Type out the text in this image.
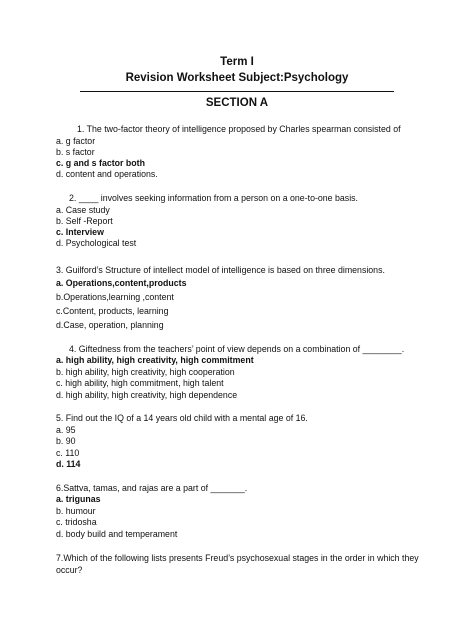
Term I
Revision Worksheet Subject:Psychology
SECTION A
1. The two-factor theory of intelligence proposed by Charles spearman consisted of
a. g factor
b. s factor
c. g and s factor both
d. content and operations.
2. ____ involves seeking information from a person on a one-to-one basis.
a. Case study
b. Self -Report
c. Interview
d. Psychological test
3. Guilford’s Structure of intellect model of intelligence is based on three dimensions.
a. Operations,content,products
b.Operations,learning ,content
c.Content, products, learning
d.Case, operation, planning
4. Giftedness from the teachers’ point of view depends on a combination of ________.
a. high ability, high creativity, high commitment
b. high ability, high creativity, high cooperation
c. high ability, high commitment, high talent
d. high ability, high creativity, high dependence
5. Find out the IQ of a 14 years old child with a mental age of 16.
a. 95
b. 90
c. 110
d. 114
6.Sattva, tamas, and rajas are a part of _______.
a. trigunas
b. humour
c. tridosha
d. body build and temperament
7.Which of the following lists presents Freud’s psychosexual stages in the order in which they
occur?
